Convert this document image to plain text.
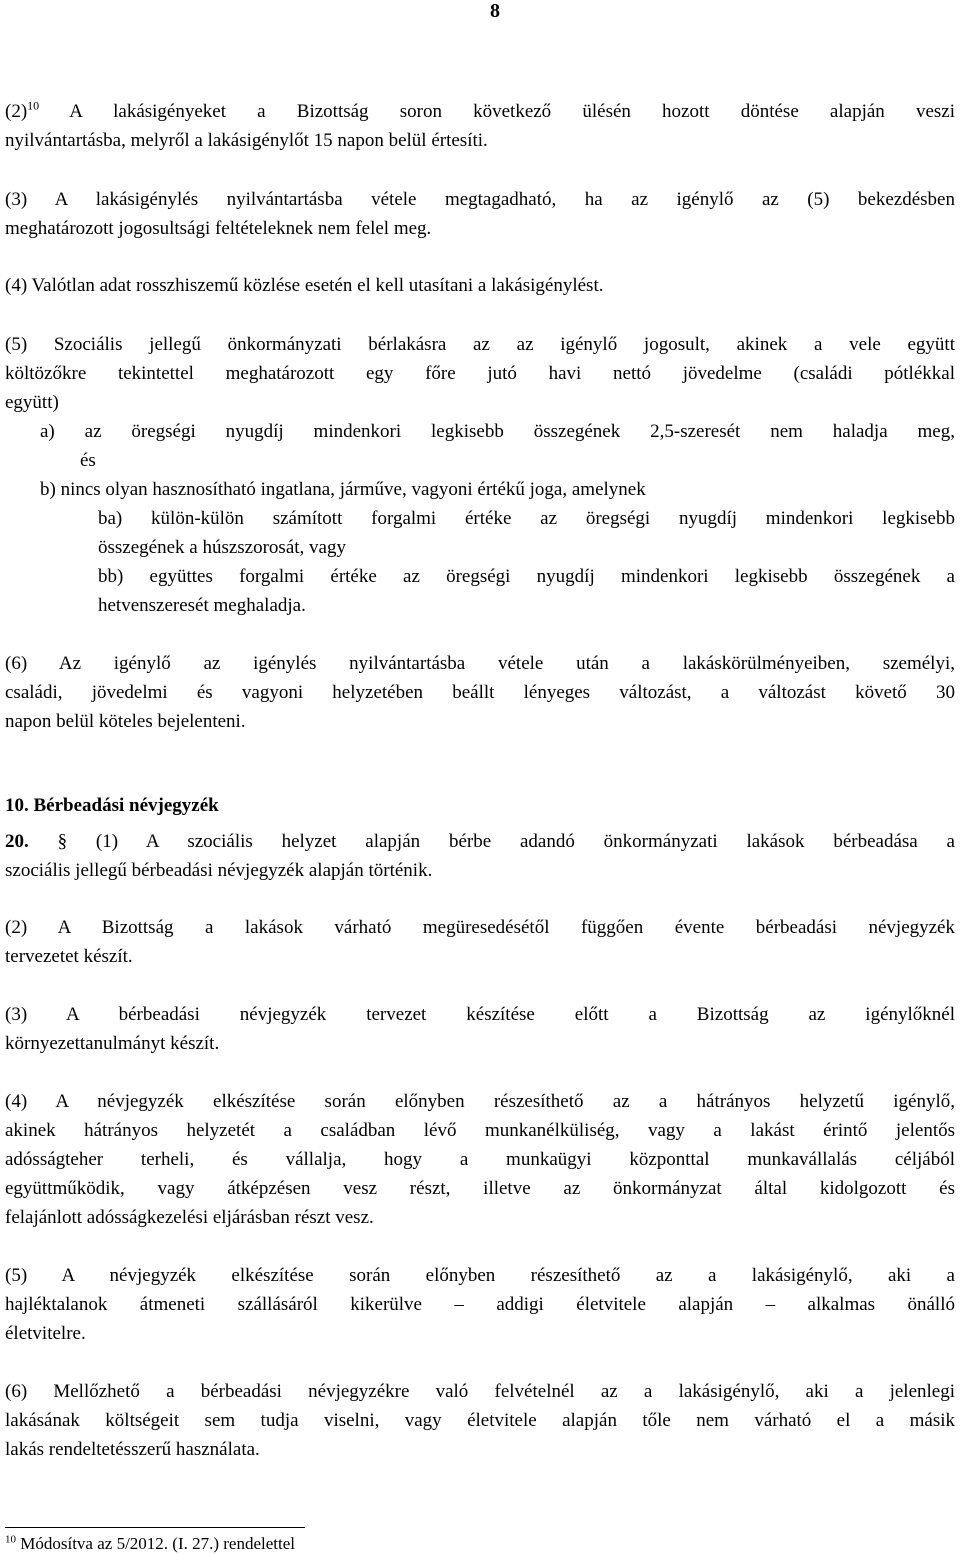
8

$(2)^{10}$ A lakásigényeket a Bizottság soron következő ülésén hozott döntése alapján veszi

nyilvántartásba, melyről a lakásigénylőt 15 napon belül értesíti.

(3) A lakásigénylés nyilvántartásba vétele megtagadható, ha az igénylő az (5) bekezdésben

meghatározott jogosultsági feltételeknek nem felel meg.

(4) Valótlan adat rosszhiszemű közlése esetén el kell utasítani a lakásigénylést.

(5) Szociális jellegű önkormányzati bérlakásra az az igénylő jogosult, akinek a vele együtt

költözőkre tekintettel meghatározott egy főre jutó havi nettó jövedelme (családi pótlékkal

együtt)

a) az öregségi nyugdíj mindenkori legkisebb összegének 2,5-szeresét nem haladja meg,

és

b) nincs olyan hasznosítható ingatlana, járműve, vagyoni értékű joga, amelynek

ba) külön-külön számított forgalmi értéke az öregségi nyugdíj mindenkori legkisebb

összegének a húszszorosát, vagy

bb) együttes forgalmi értéke az öregségi nyugdíj mindenkori legkisebb összegének a

hetvenszeresét meghaladja.

(6) Az igénylő az igénylés nyilvántartásba vétele után a lakáskörülményeiben, személyi,

családi, jövedelmi és vagyoni helyzetében beállt lényeges változást, a változást követő 30

napon belül köteles bejelenteni.

10. Bérbeadási névjegyzék

20. § (1) A szociális helyzet alapján bérbe adandó önkormányzati lakások bérbeadása a

szociális jellegű bérbeadási névjegyzék alapján történik.

(2) A Bizottság a lakások várható megüresedésétől függően évente bérbeadási névjegyzék

tervezetet készít.

(3) A bérbeadási névjegyzék tervezet készítése előtt a Bizottság az igénylőknél

környezettanulmányt készít.

(4) A névjegyzék elkészítése során előnyben részesíthető az a hátrányos helyzetű igénylő,

akinek hátrányos helyzetét a családban lévő munkanélküliség, vagy a lakást érintő jelentős

adósságteher terheli, és vállalja, hogy a munkaügyi központtal munkavállalás céljából

együttműködik, vagy átképzésen vesz részt, illetve az önkormányzat által kidolgozott és

felajánlott adósságkezelési eljárásban részt vesz.

(5) A névjegyzék elkészítése során előnyben részesíthető az a lakásigénylő, aki a

hajléktalanok átmeneti szállásáról kikerülve – addigi életvitele alapján – alkalmas önálló

életvitelre.

(6) Mellőzhető a bérbeadási névjegyzékre való felvételnél az a lakásigénylő, aki a jelenlegi

lakásának költségeit sem tudja viselni, vagy életvitele alapján tőle nem várható el a másik

lakás rendeltetésszerű használata.

$^{10}$ Módosítva az 5/2012. (I. 27.) rendelettel
